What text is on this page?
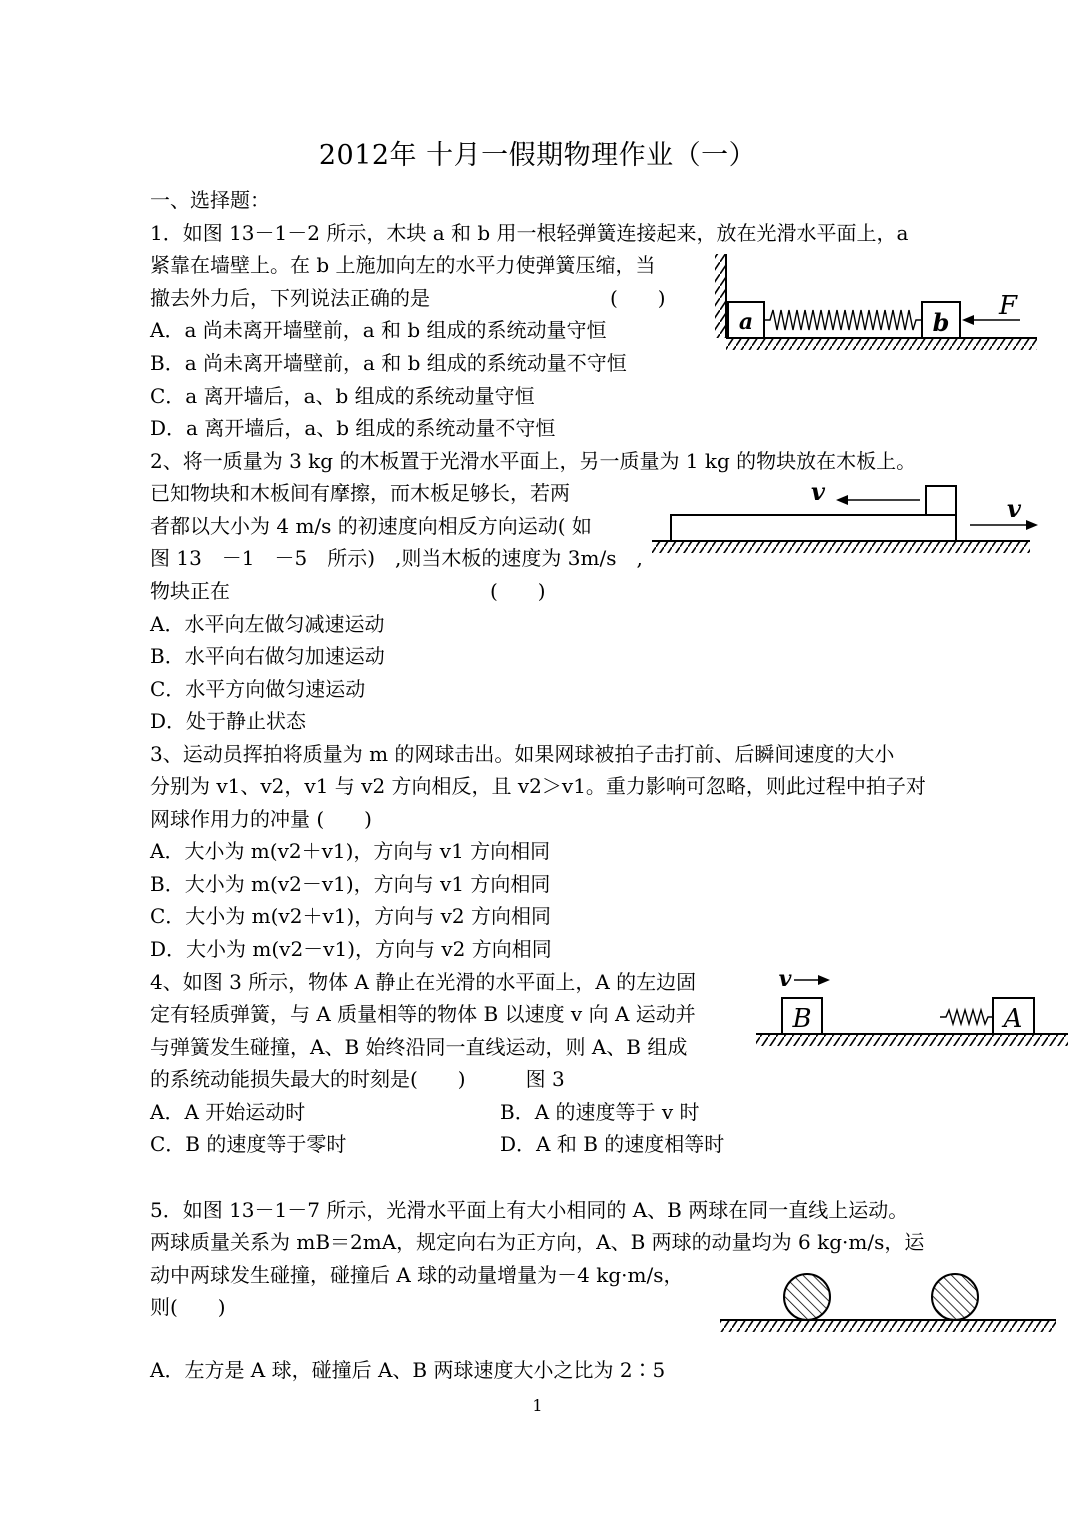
2012年 十月一假期物理作业（一）
一、选择题：
1．如图 13－1－2 所示，木块 a 和 b 用一根轻弹簧连接起来，放在光滑水平面上，a
紧靠在墙壁上。在 b 上施加向左的水平力使弹簧压缩，当
撤去外力后，下列说法正确的是　　　　　　　　　(　　)
A．a 尚未离开墙壁前，a 和 b 组成的系统动量守恒
B．a 尚未离开墙壁前，a 和 b 组成的系统动量不守恒
C．a 离开墙后，a、b 组成的系统动量守恒
D．a 离开墙后，a、b 组成的系统动量不守恒
a	b
F
2、将一质量为 3 kg 的木板置于光滑水平面上，另一质量为 1 kg 的物块放在木板上。
已知物块和木板间有摩擦，而木板足够长，若两
者都以大小为 4 m/s 的初速度向相反方向运动( 如
图 13　－1　－5　所示)　,则当木板的速度为 3m/s　,
物块正在　　　　　　　　　　　　　(　　)
A．水平向左做匀减速运动
B．水平向右做匀加速运动
C．水平方向做匀速运动
D．处于静止状态
v
v
3、运动员挥拍将质量为 m 的网球击出。如果网球被拍子击打前、后瞬间速度的大小
分别为 v1、v2，v1 与 v2 方向相反，且 v2＞v1。重力影响可忽略，则此过程中拍子对
网球作用力的冲量 (　　)
A．大小为 m(v2＋v1)，方向与 v1 方向相同
B．大小为 m(v2－v1)，方向与 v1 方向相同
C．大小为 m(v2＋v1)，方向与 v2 方向相同
D．大小为 m(v2－v1)，方向与 v2 方向相同
4、如图 3 所示，物体 A 静止在光滑的水平面上，A 的左边固
定有轻质弹簧，与 A 质量相等的物体 B 以速度 v 向 A 运动并
与弹簧发生碰撞，A、B 始终沿同一直线运动，则 A、B 组成
的系统动能损失最大的时刻是(　　)　　　图 3
A．A 开始运动时	B．A 的速度等于 v 时
C．B 的速度等于零时	D．A 和 B 的速度相等时
v
B	A
5．如图 13－1－7 所示，光滑水平面上有大小相同的 A、B 两球在同一直线上运动。
两球质量关系为 mB＝2mA，规定向右为正方向，A、B 两球的动量均为 6 kg·m/s，运
动中两球发生碰撞，碰撞后 A 球的动量增量为－4 kg·m/s，
则(　　)
A．左方是 A 球，碰撞后 A、B 两球速度大小之比为 2∶5
1
